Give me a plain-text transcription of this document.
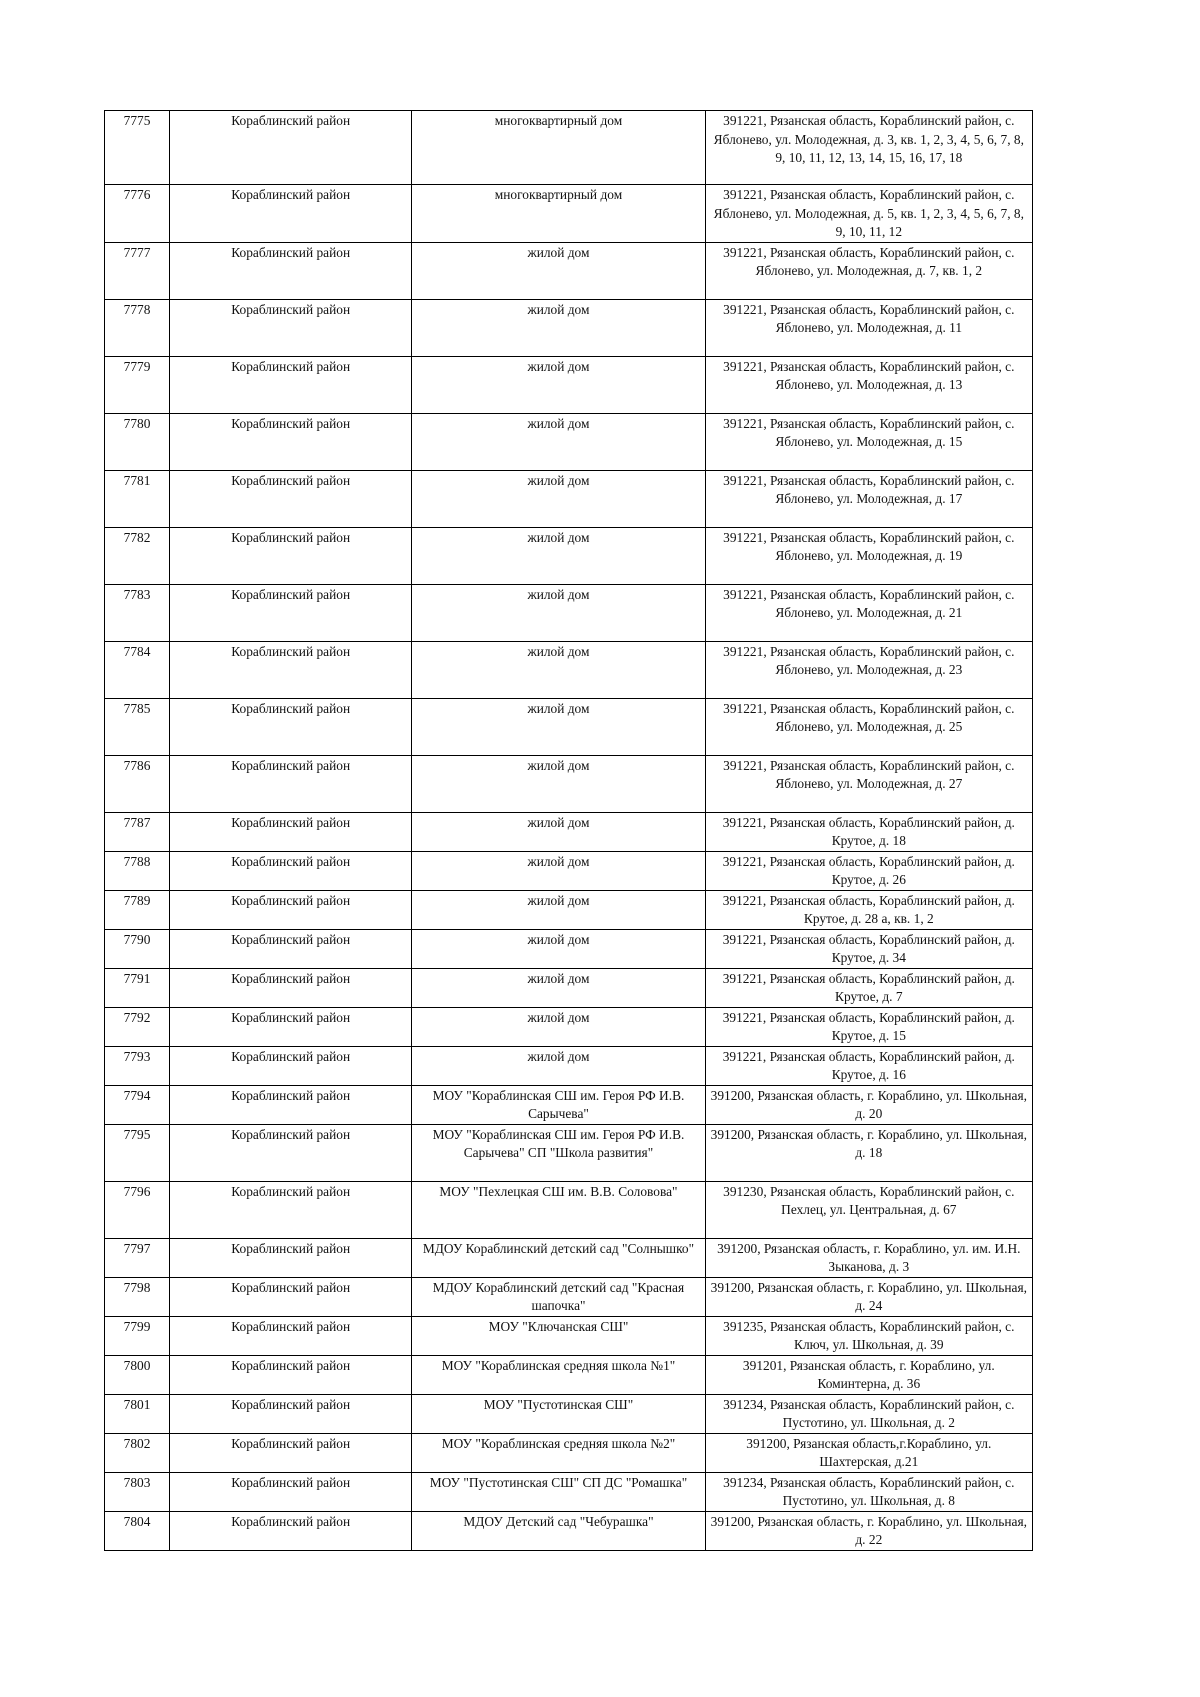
7775	Кораблинский район	многоквартирный дом	391221, Рязанская область, Кораблинский район, с. Яблонево, ул. Молодежная, д. 3, кв. 1, 2, 3, 4, 5, 6, 7, 8, 9, 10, 11, 12, 13, 14, 15, 16, 17, 18
7776	Кораблинский район	многоквартирный дом	391221, Рязанская область, Кораблинский район, с. Яблонево, ул. Молодежная, д. 5, кв. 1, 2, 3, 4, 5, 6, 7, 8, 9, 10, 11, 12
7777	Кораблинский район	жилой дом	391221, Рязанская область, Кораблинский район, с. Яблонево, ул. Молодежная, д. 7, кв. 1, 2
7778	Кораблинский район	жилой дом	391221, Рязанская область, Кораблинский район, с. Яблонево, ул. Молодежная, д. 11
7779	Кораблинский район	жилой дом	391221, Рязанская область, Кораблинский район, с. Яблонево, ул. Молодежная, д. 13
7780	Кораблинский район	жилой дом	391221, Рязанская область, Кораблинский район, с. Яблонево, ул. Молодежная, д. 15
7781	Кораблинский район	жилой дом	391221, Рязанская область, Кораблинский район, с. Яблонево, ул. Молодежная, д. 17
7782	Кораблинский район	жилой дом	391221, Рязанская область, Кораблинский район, с. Яблонево, ул. Молодежная, д. 19
7783	Кораблинский район	жилой дом	391221, Рязанская область, Кораблинский район, с. Яблонево, ул. Молодежная, д. 21
7784	Кораблинский район	жилой дом	391221, Рязанская область, Кораблинский район, с. Яблонево, ул. Молодежная, д. 23
7785	Кораблинский район	жилой дом	391221, Рязанская область, Кораблинский район, с. Яблонево, ул. Молодежная, д. 25
7786	Кораблинский район	жилой дом	391221, Рязанская область, Кораблинский район, с. Яблонево, ул. Молодежная, д. 27
7787	Кораблинский район	жилой дом	391221, Рязанская область, Кораблинский район, д. Крутое, д. 18
7788	Кораблинский район	жилой дом	391221, Рязанская область, Кораблинский район, д. Крутое, д. 26
7789	Кораблинский район	жилой дом	391221, Рязанская область, Кораблинский район, д. Крутое, д. 28 а, кв. 1, 2
7790	Кораблинский район	жилой дом	391221, Рязанская область, Кораблинский район, д. Крутое, д. 34
7791	Кораблинский район	жилой дом	391221, Рязанская область, Кораблинский район, д. Крутое, д. 7
7792	Кораблинский район	жилой дом	391221, Рязанская область, Кораблинский район, д. Крутое, д. 15
7793	Кораблинский район	жилой дом	391221, Рязанская область, Кораблинский район, д. Крутое, д. 16
7794	Кораблинский район	МОУ "Кораблинская СШ им. Героя РФ И.В. Сарычева"	391200, Рязанская область, г. Кораблино, ул. Школьная, д. 20
7795	Кораблинский район	МОУ "Кораблинская СШ им. Героя РФ И.В. Сарычева" СП "Школа развития"	391200, Рязанская область, г. Кораблино, ул. Школьная, д. 18
7796	Кораблинский район	МОУ "Пехлецкая СШ им. В.В. Соловова"	391230, Рязанская область, Кораблинский район, с. Пехлец, ул. Центральная, д. 67
7797	Кораблинский район	МДОУ Кораблинский детский сад "Солнышко"	391200, Рязанская область, г. Кораблино, ул. им. И.Н. Зыканова, д. 3
7798	Кораблинский район	МДОУ Кораблинский детский сад "Красная шапочка"	391200, Рязанская область, г. Кораблино, ул. Школьная, д. 24
7799	Кораблинский район	МОУ "Ключанская СШ"	391235, Рязанская область, Кораблинский район, с. Ключ, ул. Школьная, д. 39
7800	Кораблинский район	МОУ "Кораблинская средняя школа №1"	391201, Рязанская область, г. Кораблино, ул. Коминтерна, д. 36
7801	Кораблинский район	МОУ "Пустотинская СШ"	391234, Рязанская область, Кораблинский район, с. Пустотино, ул. Школьная, д. 2
7802	Кораблинский район	МОУ "Кораблинская средняя школа №2"	391200, Рязанская область,г.Кораблино, ул. Шахтерская, д.21
7803	Кораблинский район	МОУ "Пустотинская СШ" СП ДС "Ромашка"	391234, Рязанская область, Кораблинский район, с. Пустотино, ул. Школьная, д. 8
7804	Кораблинский район	МДОУ Детский сад "Чебурашка"	391200, Рязанская область, г. Кораблино, ул. Школьная, д. 22
